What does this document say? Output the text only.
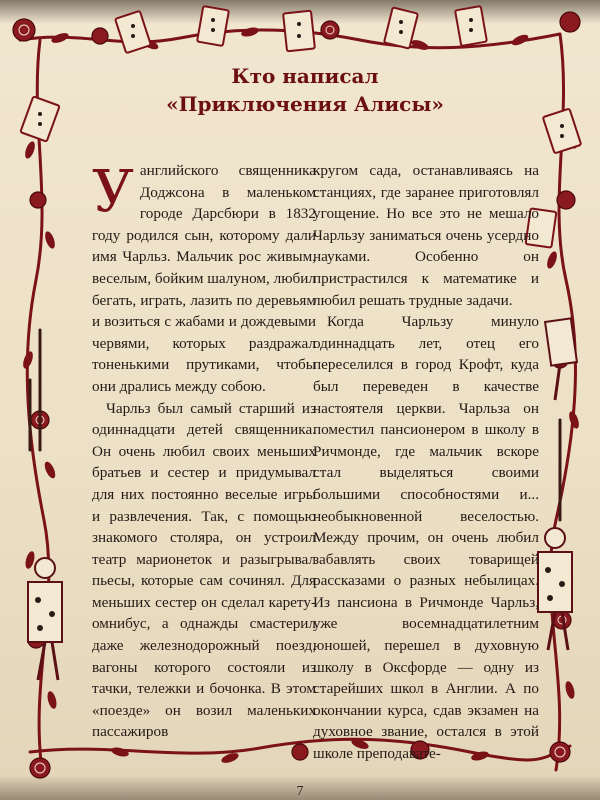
Кто написал
«Приключения Алисы»

Уанглийского священника Доджсона в маленьком городе Дарсбюри в 1832 году родился сын, которому дали имя Чарльз. Мальчик рос живым, веселым, бойким шалуном, любил бегать, играть, лазить по деревьям и возиться с жабами и дождевыми червями, которых раздражал тоненькими прутиками, чтобы они дрались между собою.

Чарльз был самый старший из одиннадцати детей священника. Он очень любил своих меньших братьев и сестер и придумывал для них постоянно веселые игры и развлечения. Так, с помощью знакомого столяра, он устроил театр марионеток и разыгрывал пьесы, которые сам сочинял. Для меньших сестер он сделал карету-омнибус, а однажды смастерил даже железнодорожный поезд, вагоны которого состояли из тачки, тележки и бочонка. В этом «поезде» он возил маленьких пассажиров

кругом сада, останавливаясь на станциях, где заранее приготовлял угощение. Но все это не мешало Чарльзу заниматься очень усердно науками. Особенно он пристрастился к математике и любил решать трудные задачи.

Когда Чарльзу минуло одиннадцать лет, отец его переселился в город Крофт, куда был переведен в качестве настоятеля церкви. Чарльза он поместил пансионером в школу в Ричмонде, где мальчик вскоре стал выделяться своими большими способностями и... необыкновенной веселостью. Между прочим, он очень любил забавлять своих товарищей рассказами о разных небылицах. Из пансиона в Ричмонде Чарльз, уже восемнадцатилетним юношей, перешел в духовную школу в Оксфорде — одну из старейших школ в Англии. А по окончании курса, сдав экзамен на духовное звание, остался в этой школе преподавате-

7
